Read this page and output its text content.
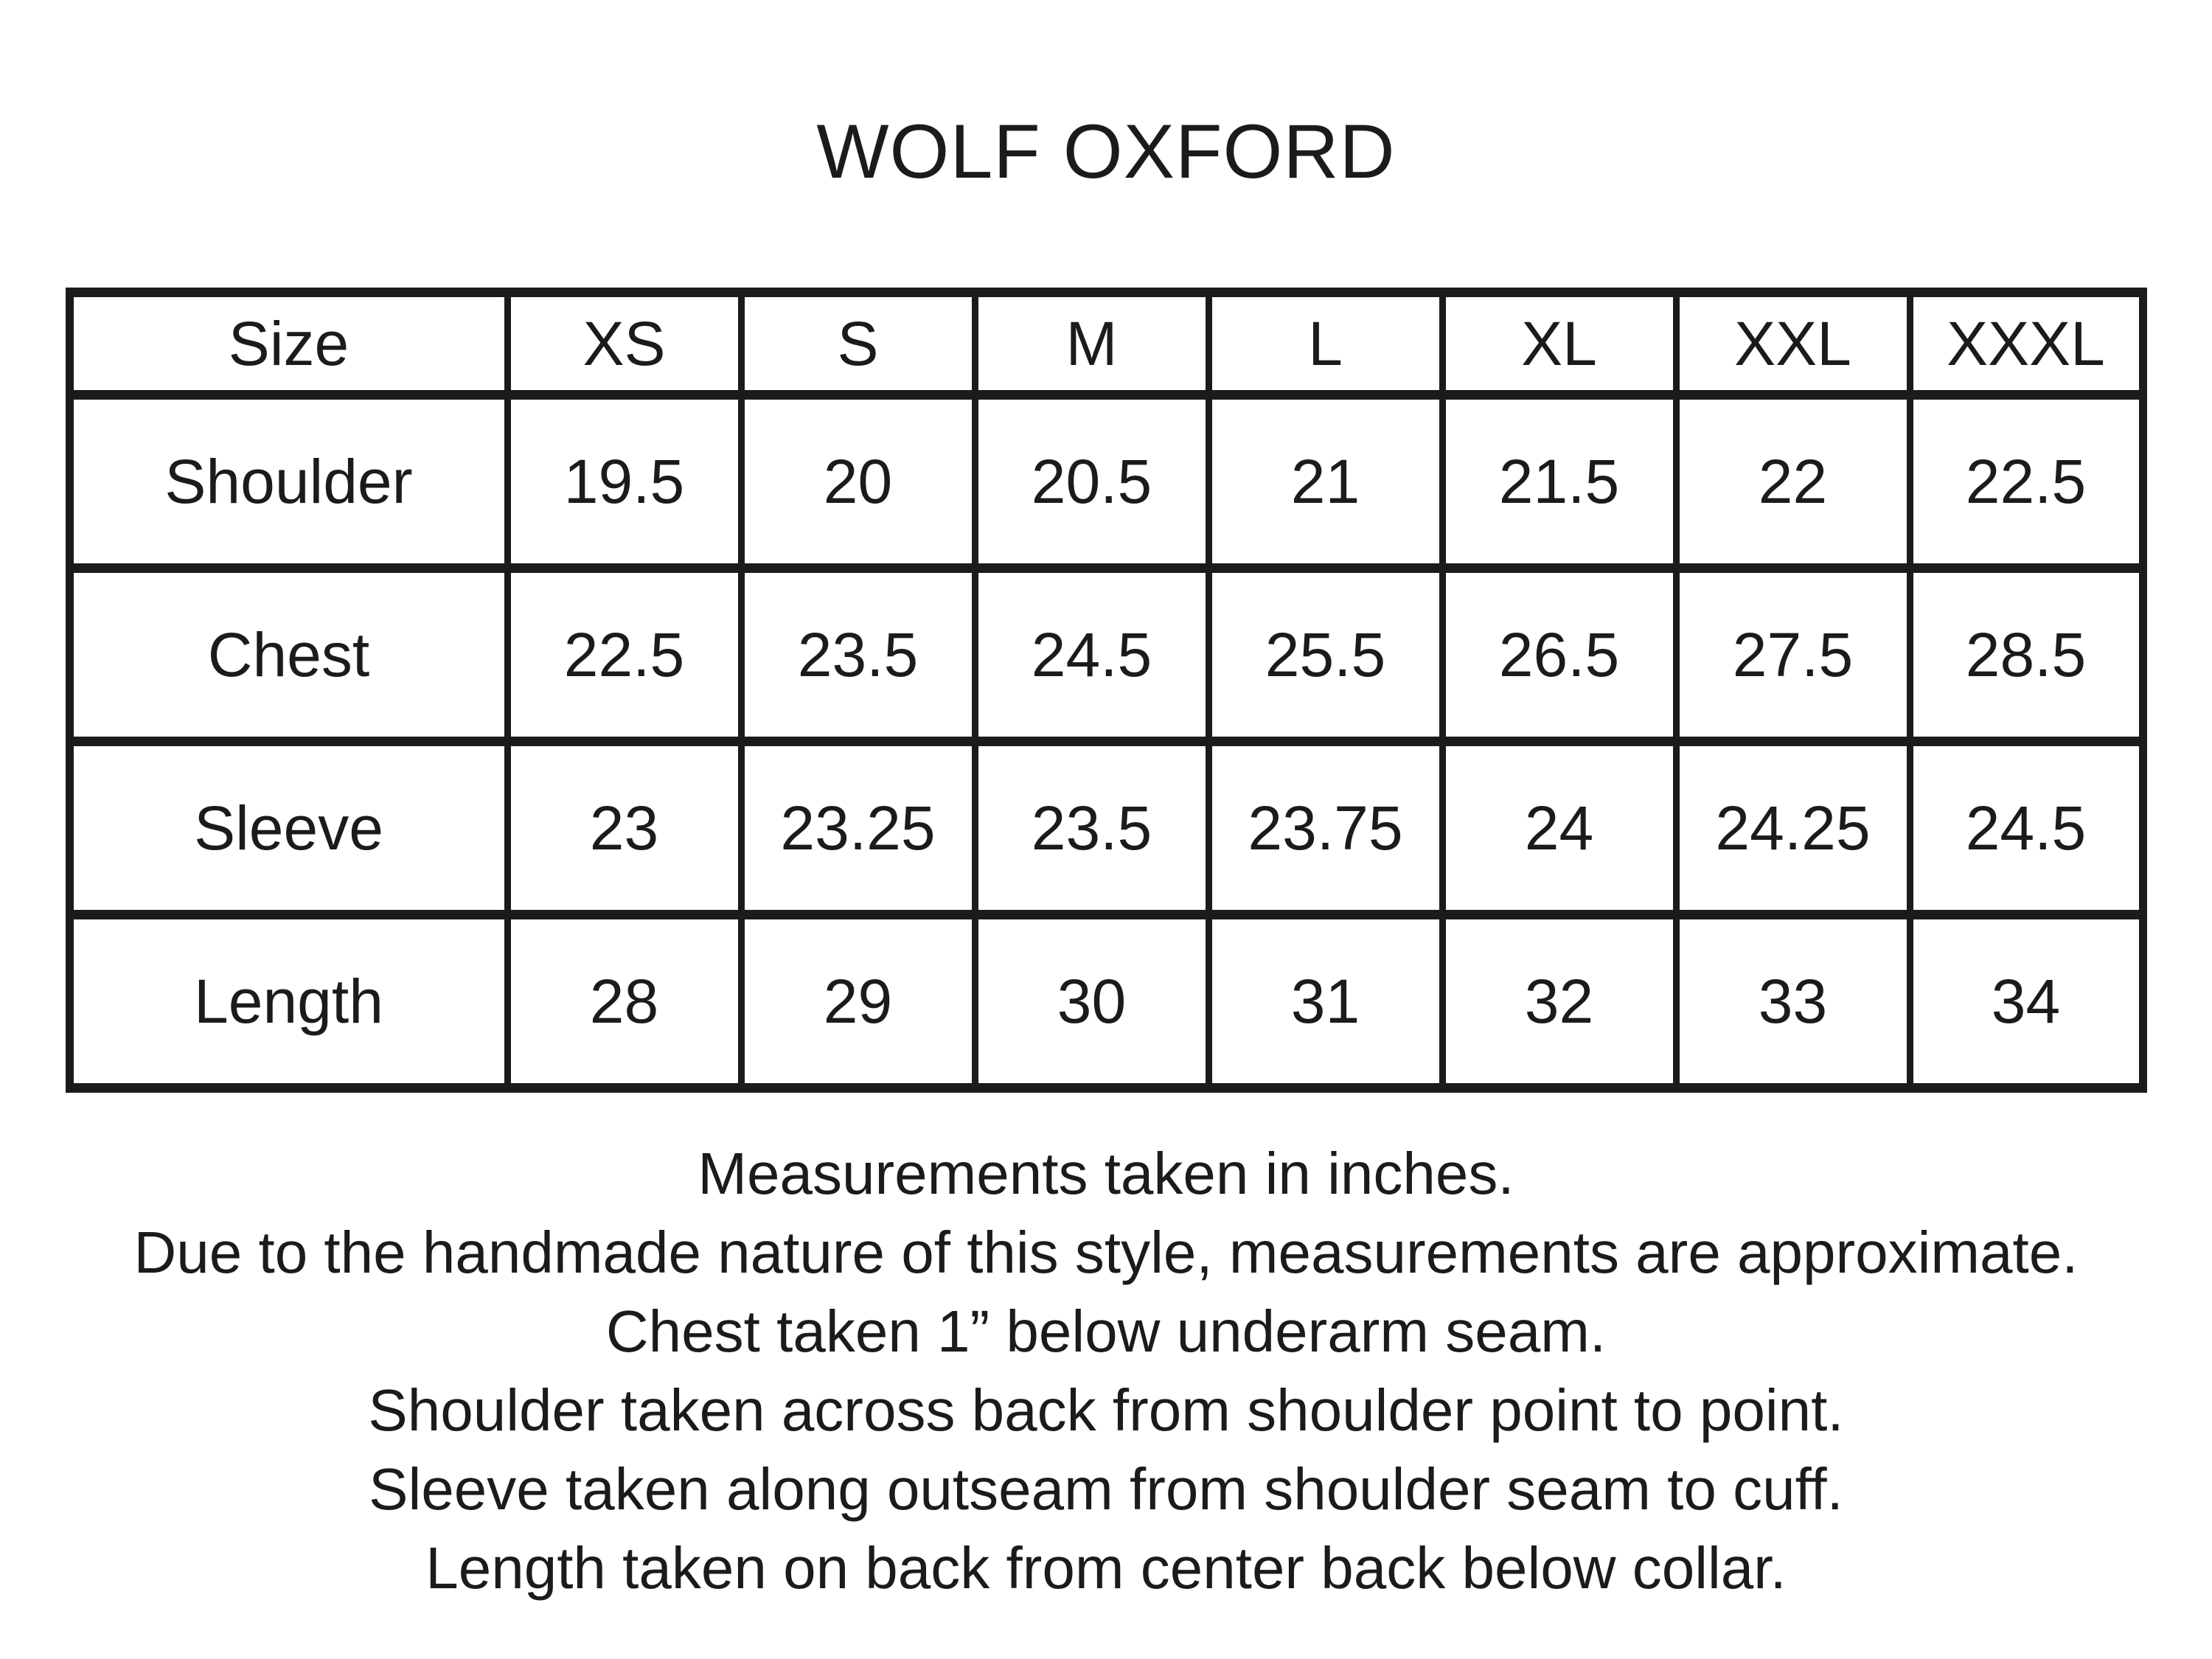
WOLF OXFORD
Size	XS	S	M	L	XL	XXL	XXXL
Shoulder	19.5	20	20.5	21	21.5	22	22.5
Chest	22.5	23.5	24.5	25.5	26.5	27.5	28.5
Sleeve	23	23.25	23.5	23.75	24	24.25	24.5
Length	28	29	30	31	32	33	34
Measurements taken in inches.
Due to the handmade nature of this style, measurements are approximate.
Chest taken 1” below underarm seam.
Shoulder taken across back from shoulder point to point.
Sleeve taken along outseam from shoulder seam to cuff.
Length taken on back from center back below collar.
